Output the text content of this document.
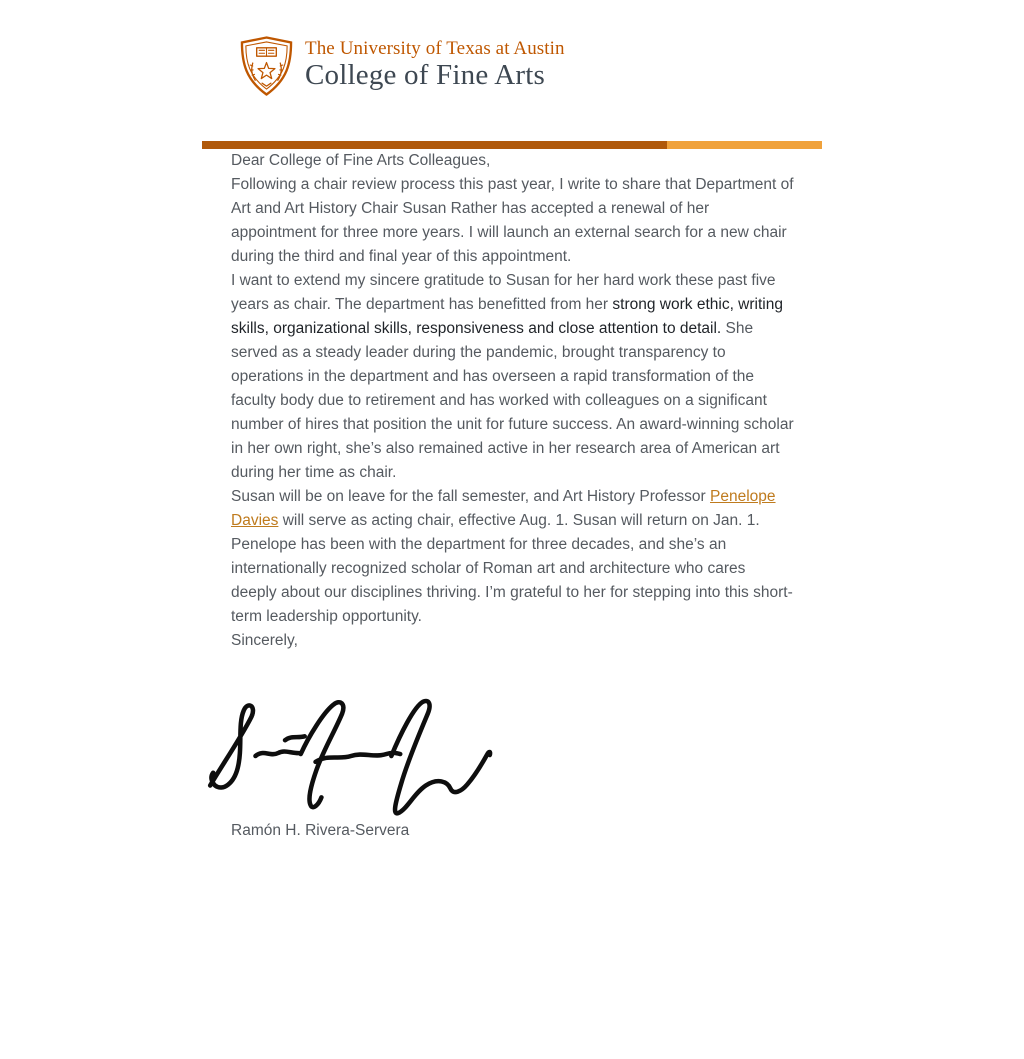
The University of Texas at Austin
College of Fine Arts

Dear College of Fine Arts Colleagues,

Following a chair review process this past year, I write to share that Department of Art and Art History Chair Susan Rather has accepted a renewal of her appointment for three more years. I will launch an external search for a new chair during the third and final year of this appointment.

I want to extend my sincere gratitude to Susan for her hard work these past five years as chair. The department has benefitted from her strong work ethic, writing skills, organizational skills, responsiveness and close attention to detail. She served as a steady leader during the pandemic, brought transparency to operations in the department and has overseen a rapid transformation of the faculty body due to retirement and has worked with colleagues on a significant number of hires that position the unit for future success. An award-winning scholar in her own right, she’s also remained active in her research area of American art during her time as chair.

Susan will be on leave for the fall semester, and Art History Professor Penelope Davies will serve as acting chair, effective Aug. 1. Susan will return on Jan. 1. Penelope has been with the department for three decades, and she’s an internationally recognized scholar of Roman art and architecture who cares deeply about our disciplines thriving. I’m grateful to her for stepping into this short-term leadership opportunity.

Sincerely,

Ramón H. Rivera-Servera
